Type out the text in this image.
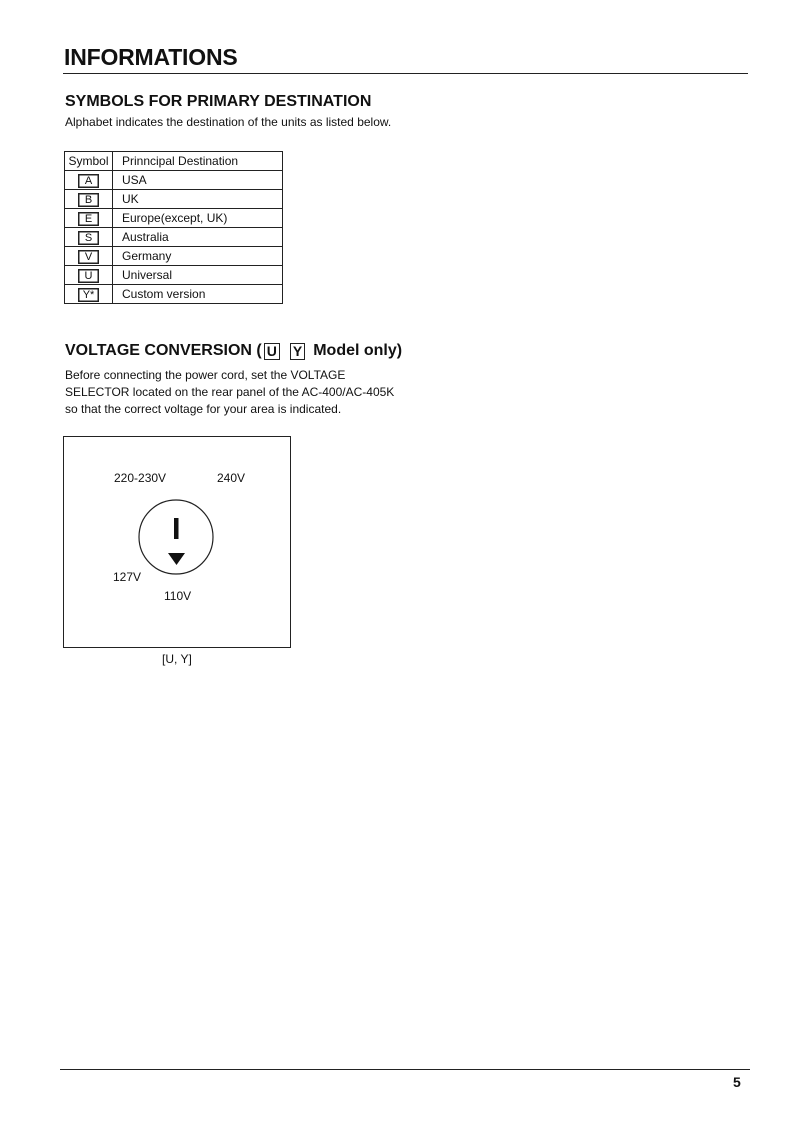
INFORMATIONS
SYMBOLS FOR PRIMARY DESTINATION
Alphabet indicates the destination of the units as listed below.
Symbol	Prinncipal Destination
A	USA
B	UK
E	Europe(except, UK)
S	Australia
V	Germany
U	Universal
Y*	Custom version
VOLTAGE CONVERSION ( U Y Model only)
Before connecting the power cord, set the VOLTAGE SELECTOR located on the rear panel of the AC-400/AC-405K so that the correct voltage for your area is indicated.
220-230V	240V
127V
110V
[U, Y]
5
